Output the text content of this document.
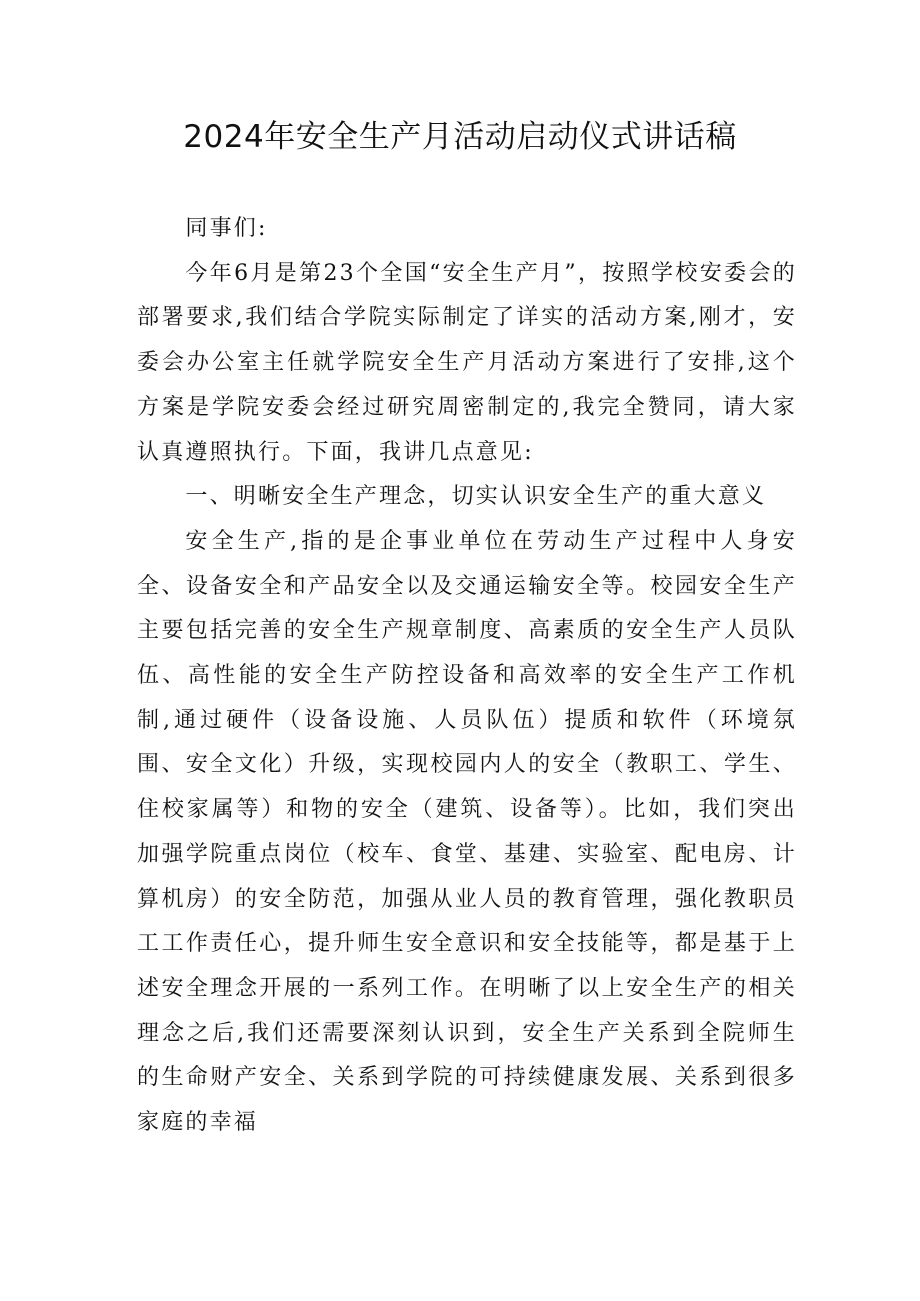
2024年安全生产月活动启动仪式讲话稿

同事们:

今年6月是第23个全国“安全生产月”，按照学校安委会的部署要求,我们结合学院实际制定了详实的活动方案,刚才，安委会办公室主任就学院安全生产月活动方案进行了安排,这个方案是学院安委会经过研究周密制定的,我完全赞同，请大家认真遵照执行。下面，我讲几点意见:

一、明晰安全生产理念，切实认识安全生产的重大意义

安全生产,指的是企事业单位在劳动生产过程中人身安全、设备安全和产品安全以及交通运输安全等。校园安全生产主要包括完善的安全生产规章制度、高素质的安全生产人员队伍、高性能的安全生产防控设备和高效率的安全生产工作机制,通过硬件（设备设施、人员队伍）提质和软件（环境氛围、安全文化）升级，实现校园内人的安全（教职工、学生、住校家属等）和物的安全（建筑、设备等）。比如，我们突出加强学院重点岗位（校车、食堂、基建、实验室、配电房、计算机房）的安全防范，加强从业人员的教育管理，强化教职员工工作责任心，提升师生安全意识和安全技能等，都是基于上述安全理念开展的一系列工作。在明晰了以上安全生产的相关理念之后,我们还需要深刻认识到，安全生产关系到全院师生的生命财产安全、关系到学院的可持续健康发展、关系到很多家庭的幸福
